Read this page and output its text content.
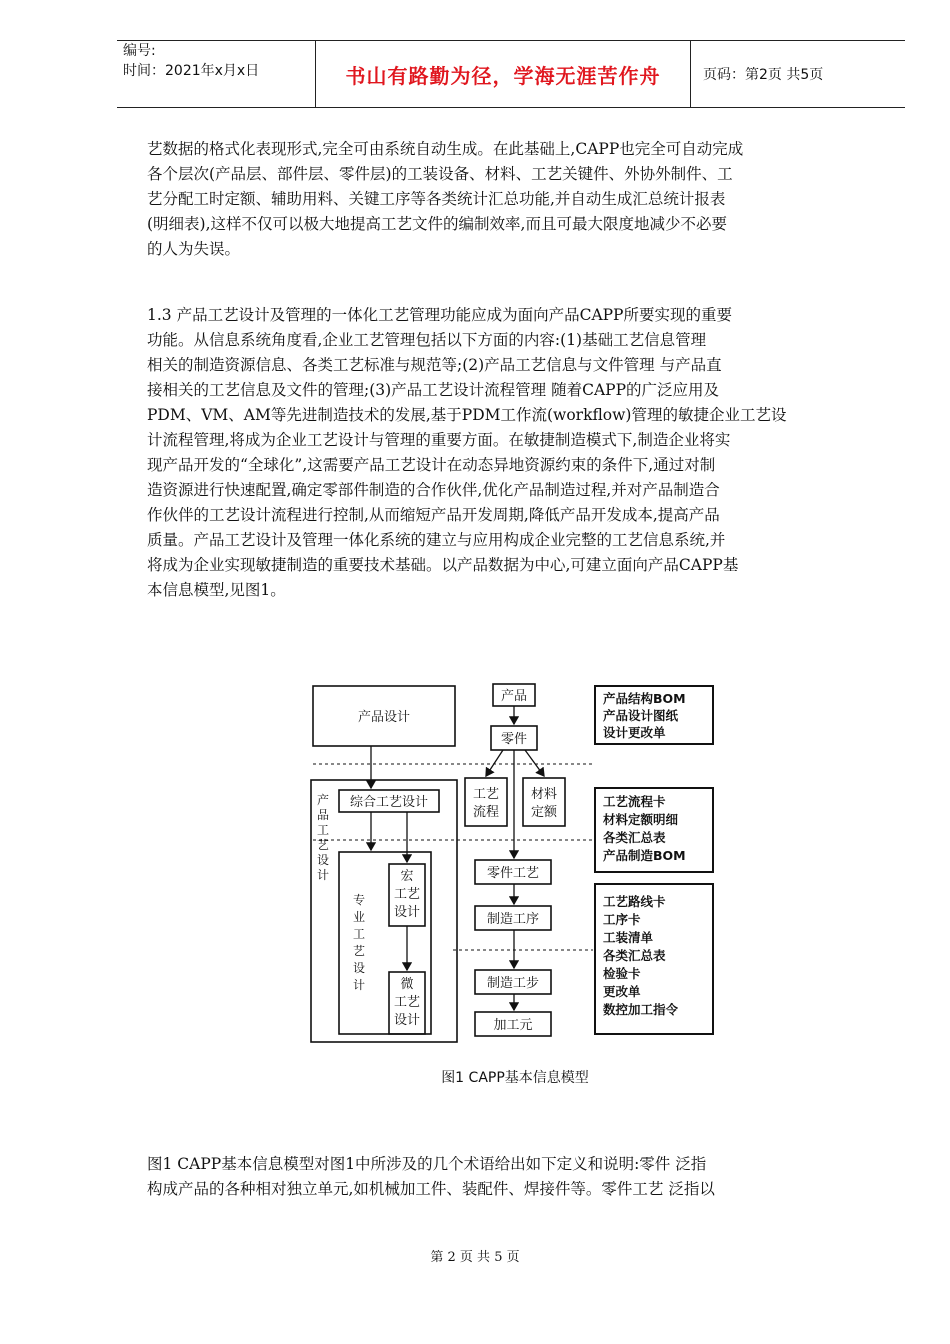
编号:
时间：2021年x月x日	书山有路勤为径，学海无涯苦作舟	页码：第2页 共5页
艺数据的格式化表现形式,完全可由系统自动生成。在此基础上,CAPP也完全可自动完成
各个层次(产品层、部件层、零件层)的工装设备、材料、工艺关键件、外协外制件、工
艺分配工时定额、辅助用料、关键工序等各类统计汇总功能,并自动生成汇总统计报表
(明细表),这样不仅可以极大地提高工艺文件的编制效率,而且可最大限度地减少不必要
的人为失误。
1.3 产品工艺设计及管理的一体化工艺管理功能应成为面向产品CAPP所要实现的重要
功能。从信息系统角度看,企业工艺管理包括以下方面的内容:(1)基础工艺信息管理
相关的制造资源信息、各类工艺标准与规范等;(2)产品工艺信息与文件管理 与产品直
接相关的工艺信息及文件的管理;(3)产品工艺设计流程管理 随着CAPP的广泛应用及
PDM、VM、AM等先进制造技术的发展,基于PDM工作流(workflow)管理的敏捷企业工艺设
计流程管理,将成为企业工艺设计与管理的重要方面。在敏捷制造模式下,制造企业将实
现产品开发的“全球化”,这需要产品工艺设计在动态异地资源约束的条件下,通过对制
造资源进行快速配置,确定零部件制造的合作伙伴,优化产品制造过程,并对产品制造合
作伙伴的工艺设计流程进行控制,从而缩短产品开发周期,降低产品开发成本,提高产品
质量。产品工艺设计及管理一体化系统的建立与应用构成企业完整的工艺信息系统,并
将成为企业实现敏捷制造的重要技术基础。以产品数据为中心,可建立面向产品CAPP基
本信息模型,见图1。
产品设计
产品
零件
综合工艺设计
工艺
流程
材料
定额
宏
工艺
设计
微
工艺
设计
零件工艺
制造工序
制造工步
加工元
产
品
工
艺
设
计
专
业
工
艺
设
计
产品结构BOM
产品设计图纸
设计更改单
工艺流程卡
材料定额明细
各类汇总表
产品制造BOM
工艺路线卡
工序卡
工装清单
各类汇总表
检验卡
更改单
数控加工指令
图1 CAPP基本信息模型
图1 CAPP基本信息模型对图1中所涉及的几个术语给出如下定义和说明:零件 泛指
构成产品的各种相对独立单元,如机械加工件、装配件、焊接件等。零件工艺 泛指以
第 2 页 共 5 页
